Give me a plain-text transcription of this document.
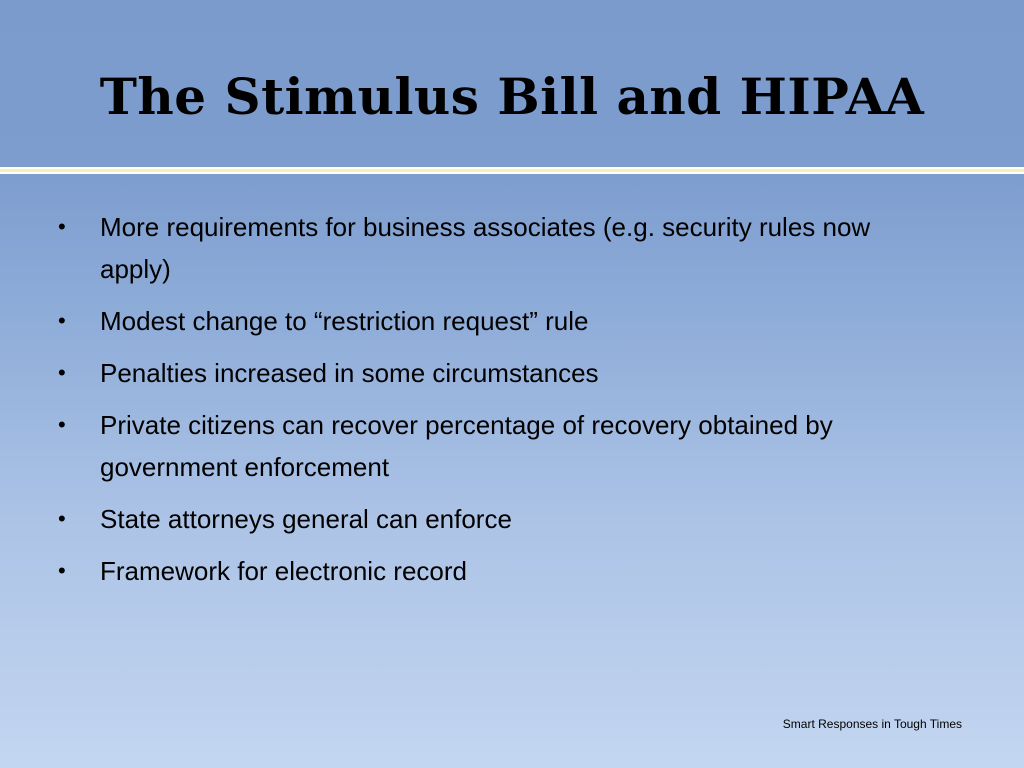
The Stimulus Bill and HIPAA
• More requirements for business associates (e.g. security rules now apply)
• Modest change to “restriction request” rule
• Penalties increased in some circumstances
• Private citizens can recover percentage of recovery obtained by government enforcement
• State attorneys general can enforce
• Framework for electronic record
Smart Responses in Tough Times
